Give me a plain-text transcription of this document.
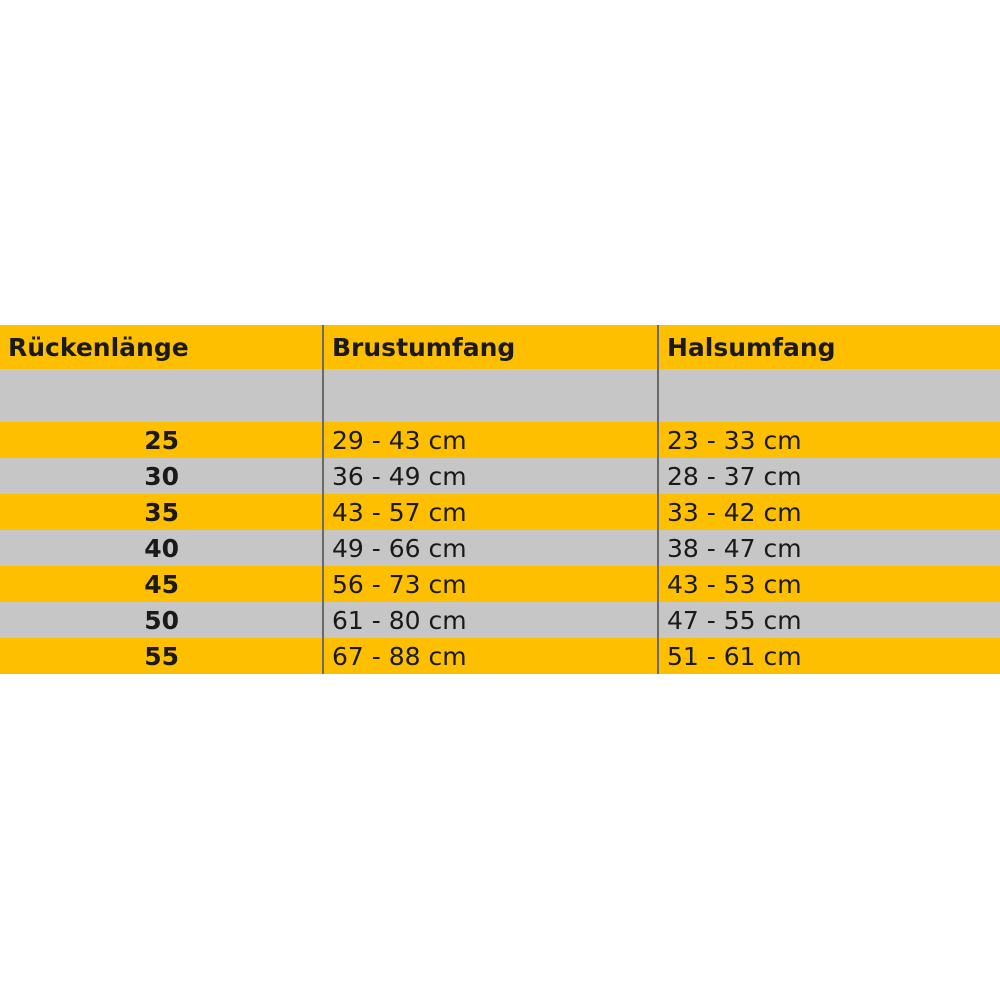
Rückenlänge	Brustumfang	Halsumfang

25	29 - 43 cm	23 - 33 cm
30	36 - 49 cm	28 - 37 cm
35	43 - 57 cm	33 - 42 cm
40	49 - 66 cm	38 - 47 cm
45	56 - 73 cm	43 - 53 cm
50	61 - 80 cm	47 - 55 cm
55	67 - 88 cm	51 - 61 cm
